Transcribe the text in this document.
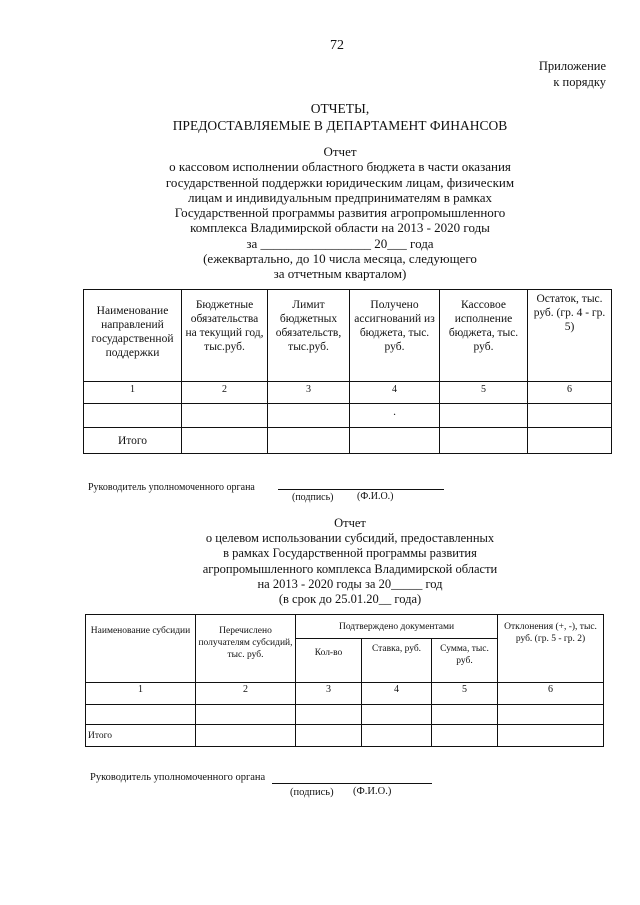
72
Приложение
к порядку
ОТЧЕТЫ,
ПРЕДОСТАВЛЯЕМЫЕ В ДЕПАРТАМЕНТ ФИНАНСОВ
Отчет
о кассовом исполнении областного бюджета в части оказания
государственной поддержки юридическим лицам, физическим
лицам и индивидуальным предпринимателям в рамках
Государственной программы развития агропромышленного
комплекса Владимирской области на 2013 - 2020 годы
за _________________ 20___ года
(ежеквартально, до 10 числа месяца, следующего
за отчетным кварталом)
Наименование направлений государственной поддержки	Бюджетные обязательства на текущий год, тыс.руб.	Лимит бюджетных обязательств, тыс.руб.	Получено ассигнований из бюджета, тыс. руб.	Кассовое исполнение бюджета, тыс. руб.	Остаток, тыс. руб. (гр. 4 - гр. 5)
1	2	3	4	5	6
			.		
Итого					
Руководитель уполномоченного органа
(подпись) (Ф.И.О.)
Отчет
о целевом использовании субсидий, предоставленных
в рамках Государственной программы развития
агропромышленного комплекса Владимирской области
на 2013 - 2020 годы за 20_____ год
(в срок до 25.01.20__ года)
Наименование субсидии	Перечислено получателям субсидий, тыс. руб.	Подтверждено документами			Отклонения (+, -), тыс. руб. (гр. 5 - гр. 2)
		Кол-во	Ставка, руб.	Сумма, тыс. руб.	
1	2	3	4	5	6

Итого					
Руководитель уполномоченного органа
(подпись) (Ф.И.О.)
